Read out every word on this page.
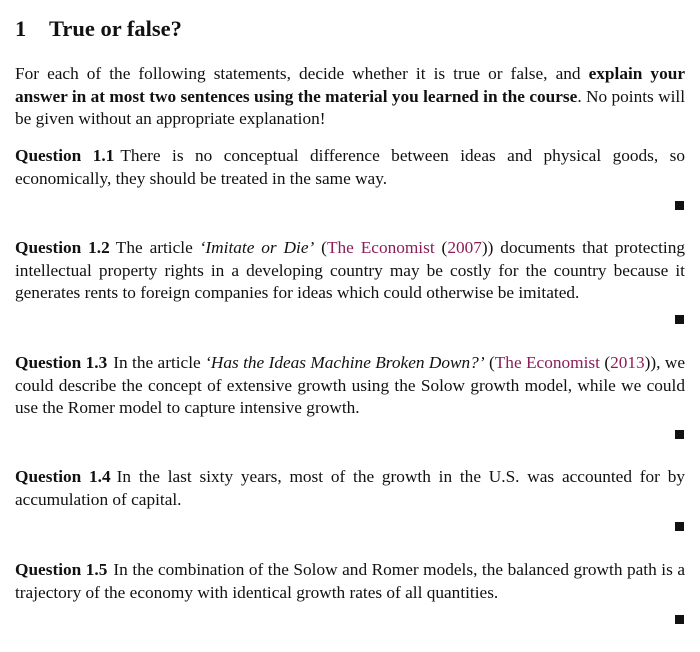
1 True or false?

For each of the following statements, decide whether it is true or false, and explain your answer in at most two sentences using the material you learned in the course. No points will be given without an appropriate explanation!

Question 1.1 There is no conceptual difference between ideas and physical goods, so economically, they should be treated in the same way.

Question 1.2 The article ‘Imitate or Die’ (The Economist (2007)) documents that protecting intellectual property rights in a developing country may be costly for the country because it generates rents to foreign companies for ideas which could otherwise be imitated.

Question 1.3 In the article ‘Has the Ideas Machine Broken Down?’ (The Economist (2013)), we could describe the concept of extensive growth using the Solow growth model, while we could use the Romer model to capture intensive growth.

Question 1.4 In the last sixty years, most of the growth in the U.S. was accounted for by accumulation of capital.

Question 1.5 In the combination of the Solow and Romer models, the balanced growth path is a trajectory of the economy with identical growth rates of all quantities.
